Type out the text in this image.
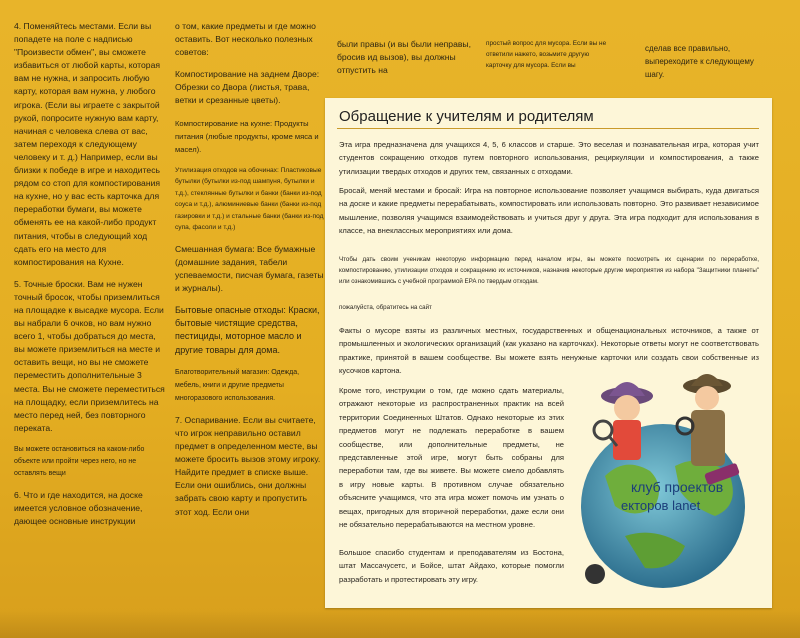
4. Поменяйтесь местами. Если вы попадете на поле с надписью "Произвести обмен", вы сможете избавиться от любой карты, которая вам не нужна, и запросить любую карту, которая вам нужна, у любого игрока. (Если вы играете с закрытой рукой, попросите нужную вам карту, начиная с человека слева от вас, затем переходя к следующему человеку и т. д.) Например, если вы близки к победе в игре и находитесь рядом со стоп для компостирования на кухне, но у вас есть карточка для переработки бумаги, вы можете обменять ее на какой-либо продукт питания, чтобы в следующий ход сдать его на место для компостирования на Кухне.

5. Точные броски. Вам не нужен точный бросок, чтобы приземлиться на площадке к высадке мусора. Если вы набрали 6 очков, но вам нужно всего 1, чтобы добраться до места, вы можете приземлиться на месте и оставить вещи, но вы не сможете переместить дополнительные 3 места. Вы не сможете переместиться на площадку, если приземлитесь на место перед ней, без повторного переката.

Вы можете остановиться на каком-либо объекте или пройти через него, но не оставлять вещи

6. Что и где находится, на доске имеется условное обозначение, дающее основные инструкции

о том, какие предметы и где можно оставить. Вот несколько полезных советов:

Компостирование на заднем Дворе: Обрезки со Двора (листья, трава, ветки и срезанные цветы).

Компостирование на кухне: Продукты питания (любые продукты, кроме мяса и масел).

Утилизация отходов на обочинах: Пластиковые бутылки (бутылки из-под шампуня, бутылки и т.д.), стеклянные бутылки и банки (банки из-под соуса и т.д.), алюминиевые банки (банки из-под газировки и т.д.) и стальные банки (банки из-под супа, фасоли и т.д.)

Смешанная бумага: Все бумажные (домашние задания, табели успеваемости, писчая бумага, газеты и журналы).

Бытовые опасные отходы: Краски, бытовые чистящие средства, пестициды, моторное масло и другие товары для дома.

Благотворительный магазин: Одежда, мебель, книги и другие предметы многоразового использования.

7. Оспаривание. Если вы считаете, что игрок неправильно оставил предмет в определенном месте, вы можете бросить вызов этому игроку. Найдите предмет в списке выше. Если они ошиблись, они должны забрать свою карту и пропустить этот ход. Если они

были правы (и вы были неправы, бросив ид вызов), вы должны отпустить на

простый вопрос для мусора. Если вы не ответили нажето, возьмите другую карточку для мусора. Если вы

сделав все правильно, выпереходите к следующему шагу.

Обращение к учителям и родителям
Эта игра предназначена для учащихся 4, 5, 6 классов и старше. Это веселая и познавательная игра, которая учит студентов сокращению отходов путем повторного использования, рециркуляции и компостирования, а также утилизации твердых отходов и других тем, связанных с отходами.
Бросай, меняй местами и бросай: Игра на повторное использование позволяет учащимся выбирать, куда двигаться на доске и какие предметы перерабатывать, компостировать или использовать повторно. Это развивает независимое мышление, позволяя учащимся взаимодействовать и учиться друг у друга. Эта игра подходит для использования в классе, на внеклассных мероприятиях или дома.
Чтобы дать своим ученикам некоторую информацию перед началом игры, вы можете посмотреть их сценарии по переработке, компостированию, утилизации отходов и сокращению их источников, назначив некоторые другие мероприятия из набора "Защитники планеты" или ознакомившись с учебной программой EPA по твердым отходам.
пожалуйста, обратитесь на сайт
Факты о мусоре взяты из различных местных, государственных и общенациональных источников, а также от промышленных и экологических организаций (как указано на карточках). Некоторые ответы могут не соответствовать практике, принятой в вашем сообществе. Вы можете взять ненужные карточки или создать свои собственные из кусочков картона.
Кроме того, инструкции о том, где можно сдать материалы, отражают некоторые из распространенных практик на всей территории Соединенных Штатов. Однако некоторые из этих предметов могут не подлежать переработке в вашем сообществе, или дополнительные предметы, не представленные этой игре, могут быть собраны для переработки там, где вы живете. Вы можете смело добавлять в игру новые карты. В противном случае обязательно объясните учащимся, что эта игра может помочь им узнать о вещах, пригодных для вторичной переработки, даже если они не обязательно перерабатываются на местном уровне.
Большое спасибо студентам и преподавателям из Бостона, штат Массачусетс, и Бойсе, штат Айдахо, которые помогли разработать и протестировать эту игру.
клуб проектов
екторов lanet
